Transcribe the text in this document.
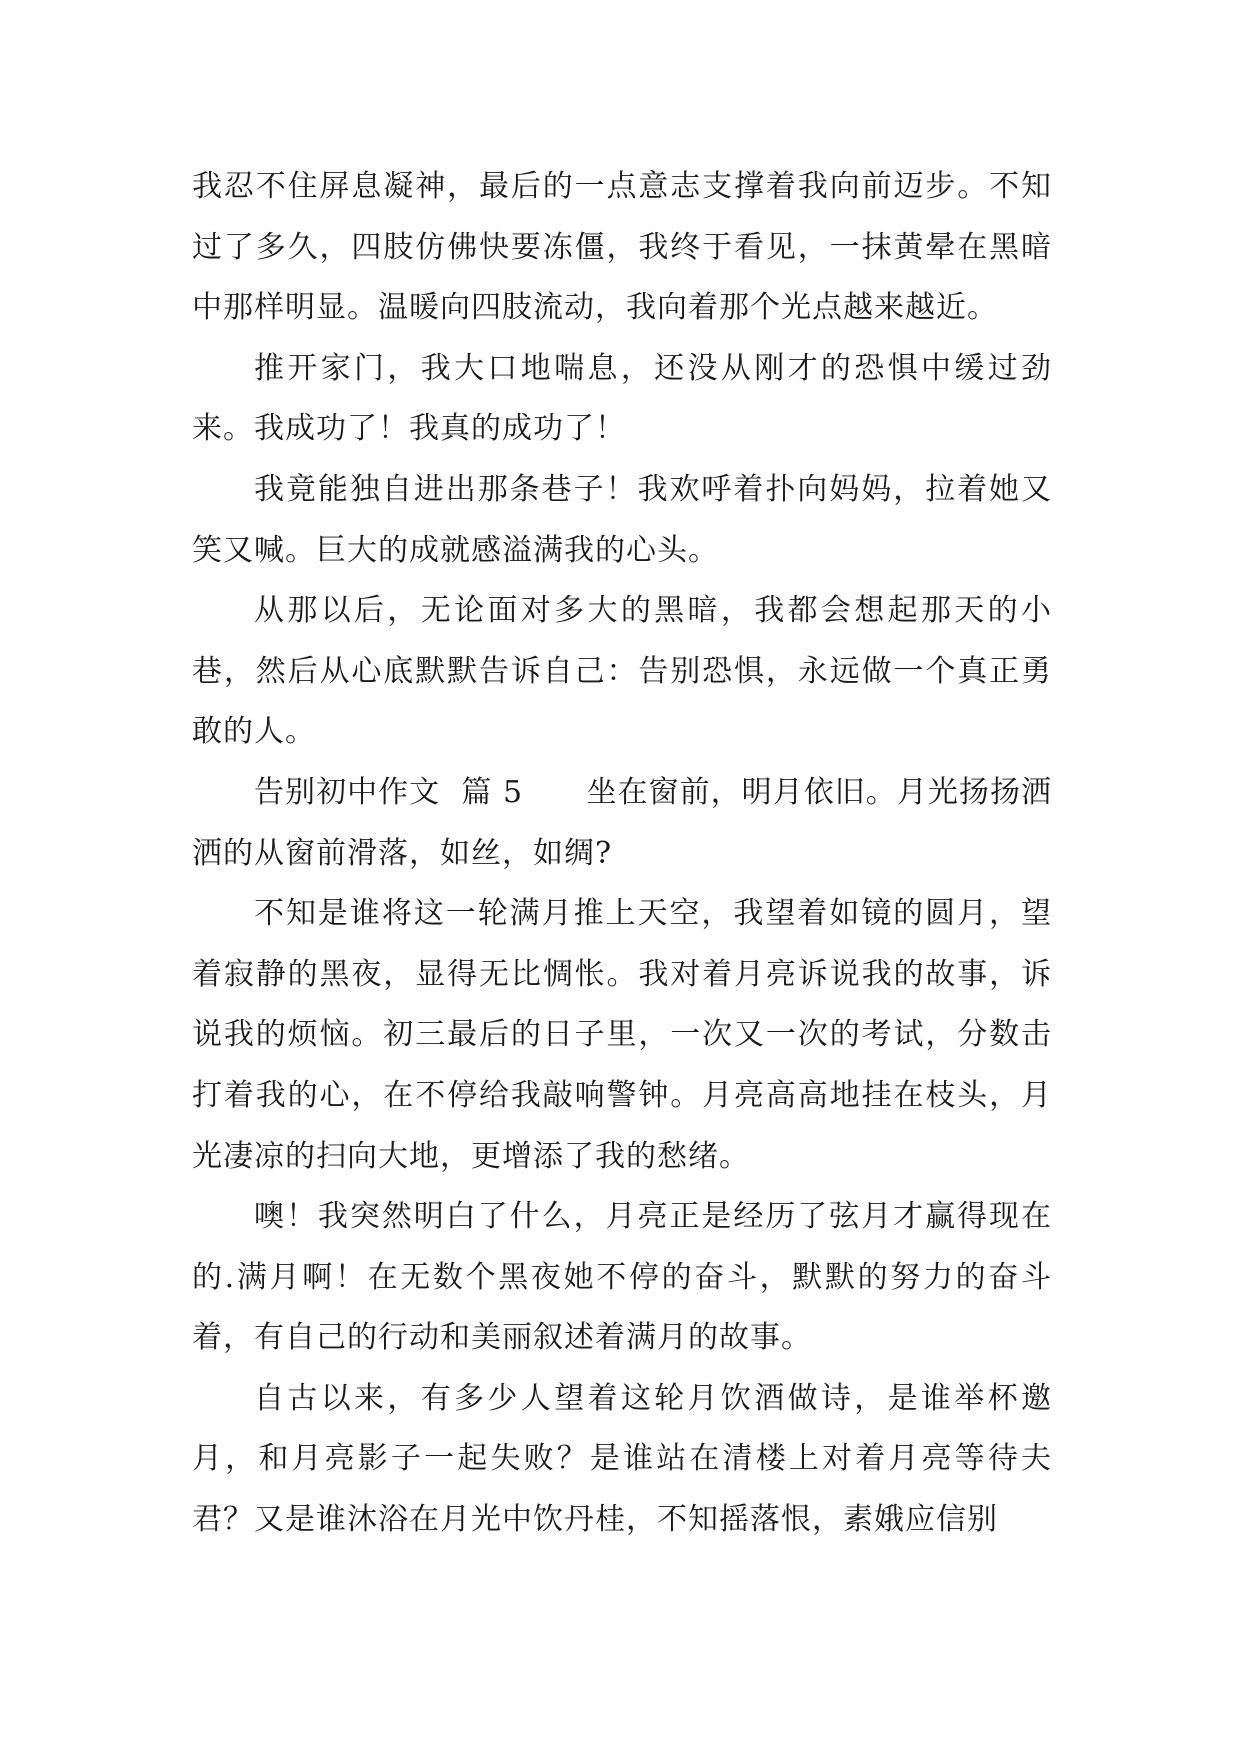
我忍不住屏息凝神，最后的一点意志支撑着我向前迈步。不知过了多久，四肢仿佛快要冻僵，我终于看见，一抹黄晕在黑暗中那样明显。温暖向四肢流动，我向着那个光点越来越近。

推开家门，我大口地喘息，还没从刚才的恐惧中缓过劲来。我成功了！我真的成功了！

我竟能独自进出那条巷子！我欢呼着扑向妈妈，拉着她又笑又喊。巨大的成就感溢满我的心头。

从那以后，无论面对多大的黑暗，我都会想起那天的小巷，然后从心底默默告诉自己：告别恐惧，永远做一个真正勇敢的人。

告别初中作文  篇 5      坐在窗前，明月依旧。月光扬扬洒洒的从窗前滑落，如丝，如绸?

不知是谁将这一轮满月推上天空，我望着如镜的圆月，望着寂静的黑夜，显得无比惆怅。我对着月亮诉说我的故事，诉说我的烦恼。初三最后的日子里，一次又一次的考试，分数击打着我的心，在不停给我敲响警钟。月亮高高地挂在枝头，月光凄凉的扫向大地，更增添了我的愁绪。

噢！我突然明白了什么，月亮正是经历了弦月才赢得现在的.满月啊！在无数个黑夜她不停的奋斗，默默的努力的奋斗着，有自己的行动和美丽叙述着满月的故事。

自古以来，有多少人望着这轮月饮酒做诗，是谁举杯邀月，和月亮影子一起失败？是谁站在清楼上对着月亮等待夫君？又是谁沐浴在月光中饮丹桂，不知摇落恨，素娥应信别
